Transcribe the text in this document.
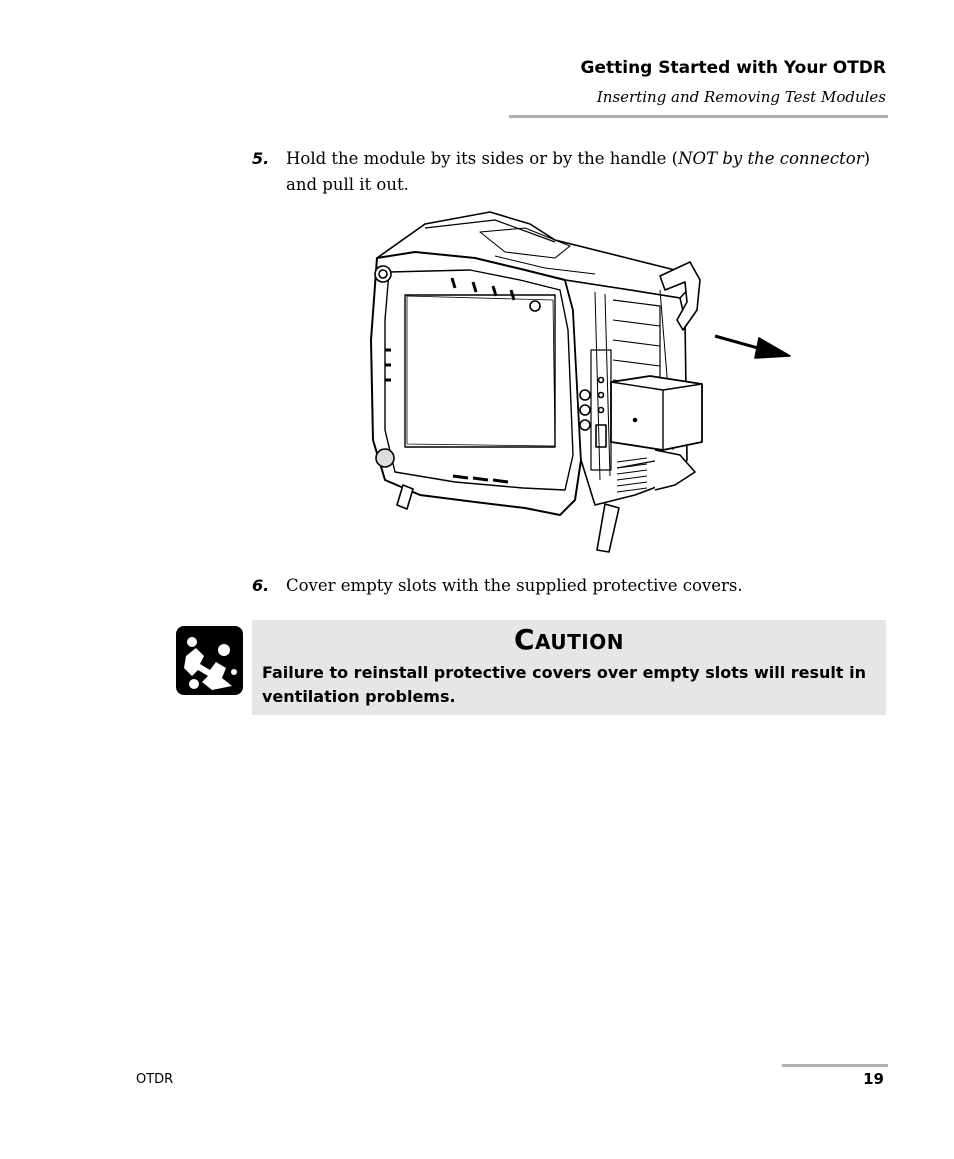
Getting Started with Your OTDR
Inserting and Removing Test Modules
5. Hold the module by its sides or by the handle (NOT by the connector) and pull it out.
6. Cover empty slots with the supplied protective covers.
Caution
Failure to reinstall protective covers over empty slots will result in ventilation problems.
OTDR	19
